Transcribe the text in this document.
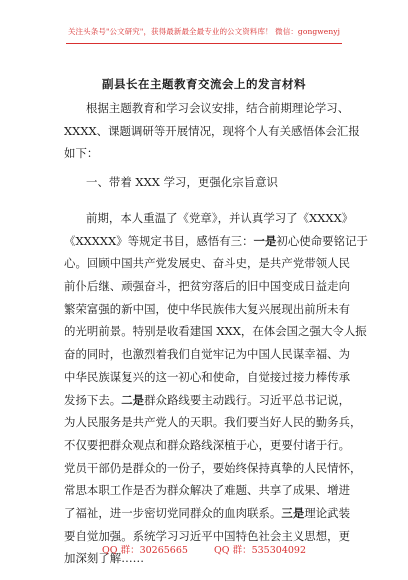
关注头条号"公文研究"，获得最新最全最专业的公文资料库！ 微信：gongwenyj
副县长在主题教育交流会上的发言材料
根据主题教育和学习会议安排，结合前期理论学习、
XXXX、课题调研等开展情况，现将个人有关感悟体会汇报
如下：
一、带着 XXX 学习，更强化宗旨意识
前期，本人重温了《党章》，并认真学习了《XXXX》
《XXXXX》等规定书目，感悟有三：一是初心使命要铭记于
心。回顾中国共产党发展史、奋斗史，是共产党带领人民
前仆后继、顽强奋斗，把贫穷落后的旧中国变成日益走向
繁荣富强的新中国，使中华民族伟大复兴展现出前所未有
的光明前景。特别是收看建国 XXX，在体会国之强大令人振
奋的同时，也激烈着我们自觉牢记为中国人民谋幸福、为
中华民族谋复兴的这一初心和使命，自觉接过接力棒传承
发扬下去。二是群众路线要主动践行。习近平总书记说，
为人民服务是共产党人的天职。我们要当好人民的勤务兵，
不仅要把群众观点和群众路线深植于心，更要付诸于行。
党员干部仍是群众的一份子，要始终保持真挚的人民情怀，
常思本职工作是否为群众解决了难题、共享了成果、增进
了福祉，进一步密切党同群众的血肉联系。三是理论武装
要自觉加强。系统学习习近平中国特色社会主义思想，更
加深刻了解……
QQ 群：30265665	QQ 群：535304092
